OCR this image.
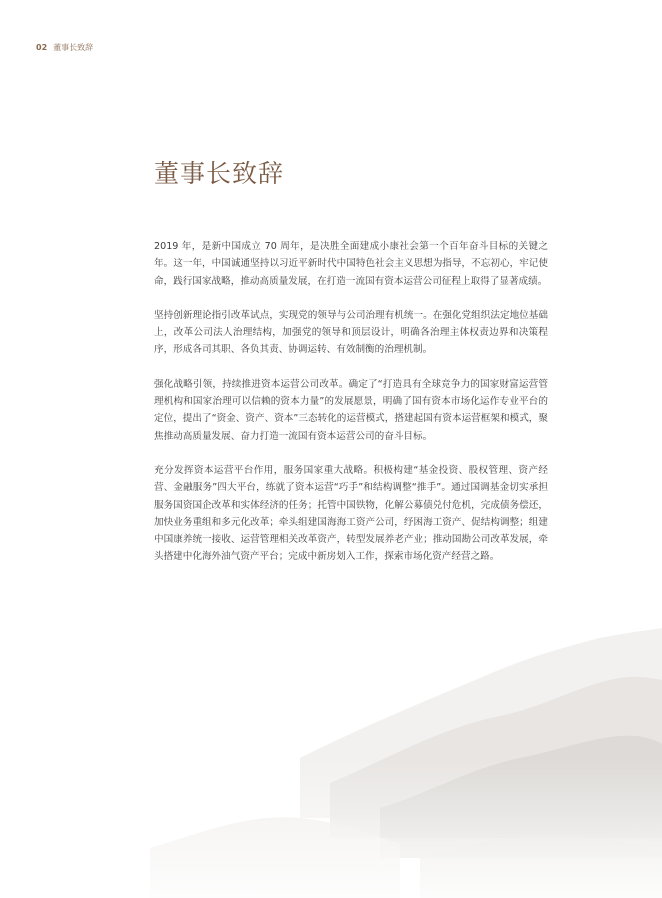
02 董事长致辞
董事长致辞

2019 年，是新中国成立 70 周年，是决胜全面建成小康社会第一个百年奋斗目标的关键之年。这一年，中国诚通坚持以习近平新时代中国特色社会主义思想为指导，不忘初心，牢记使命，践行国家战略，推动高质量发展，在打造一流国有资本运营公司征程上取得了显著成绩。

坚持创新理论指引改革试点，实现党的领导与公司治理有机统一。在强化党组织法定地位基础上，改革公司法人治理结构，加强党的领导和顶层设计，明确各治理主体权责边界和决策程序，形成各司其职、各负其责、协调运转、有效制衡的治理机制。

强化战略引领，持续推进资本运营公司改革。确定了“打造具有全球竞争力的国家财富运营管理机构和国家治理可以信赖的资本力量”的发展愿景，明确了国有资本市场化运作专业平台的定位，提出了“资金、资产、资本”三态转化的运营模式，搭建起国有资本运营框架和模式，聚焦推动高质量发展、奋力打造一流国有资本运营公司的奋斗目标。

充分发挥资本运营平台作用，服务国家重大战略。积极构建“基金投资、股权管理、资产经营、金融服务”四大平台，练就了资本运营“巧手”和结构调整“推手”。通过国调基金切实承担服务国资国企改革和实体经济的任务；托管中国铁物，化解公募债兑付危机，完成债务偿还，加快业务重组和多元化改革；牵头组建国海海工资产公司，纾困海工资产、促结构调整；组建中国康养统一接收、运营管理相关改革资产，转型发展养老产业；推动国勘公司改革发展，牵头搭建中化海外油气资产平台；完成中新房划入工作，探索市场化资产经营之路。
